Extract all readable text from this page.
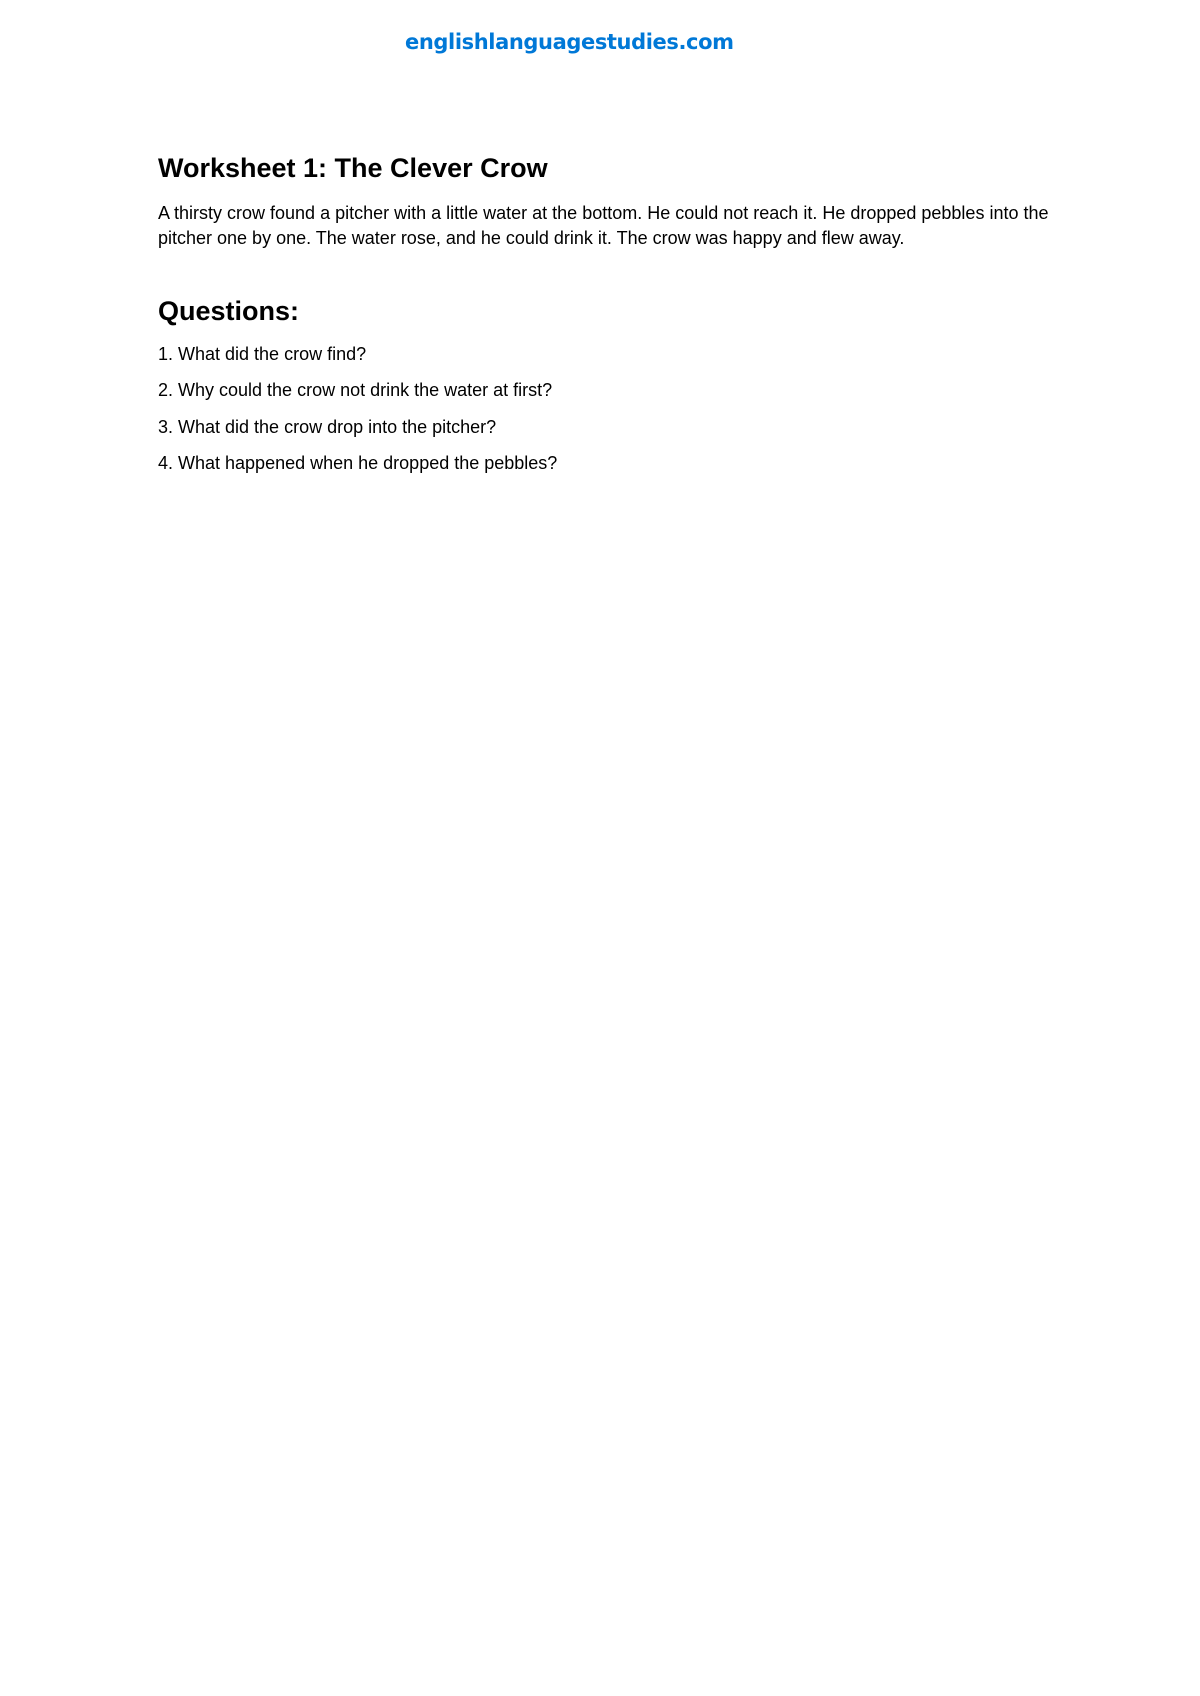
englishlanguagestudies.com
Worksheet 1: The Clever Crow

A thirsty crow found a pitcher with a little water at the bottom. He could not reach it. He dropped pebbles into the pitcher one by one. The water rose, and he could drink it. The crow was happy and flew away.

Questions:
1. What did the crow find?
2. Why could the crow not drink the water at first?
3. What did the crow drop into the pitcher?
4. What happened when he dropped the pebbles?
